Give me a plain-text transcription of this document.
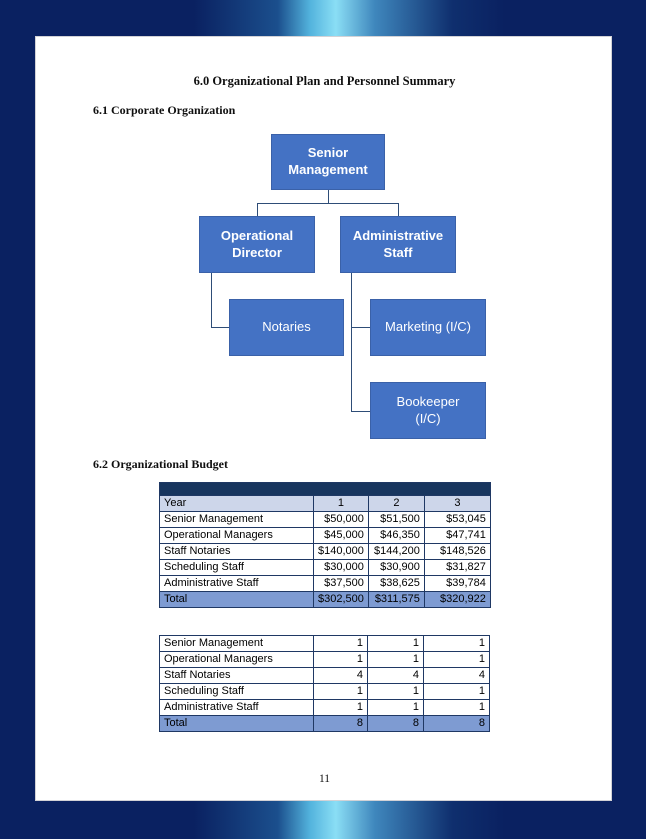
6.0 Organizational Plan and Personnel Summary
6.1 Corporate Organization
Senior Management
Operational Director
Administrative Staff
Notaries	Marketing (I/C)
Bookeeper (I/C)
6.2 Organizational Budget

Year	1	2	3
Senior Management	$50,000	$51,500	$53,045
Operational Managers	$45,000	$46,350	$47,741
Staff Notaries	$140,000	$144,200	$148,526
Scheduling Staff	$30,000	$30,900	$31,827
Administrative Staff	$37,500	$38,625	$39,784
Total	$302,500	$311,575	$320,922
Senior Management	1	1	1
Operational Managers	1	1	1
Staff Notaries	4	4	4
Scheduling Staff	1	1	1
Administrative Staff	1	1	1
Total	8	8	8
11
